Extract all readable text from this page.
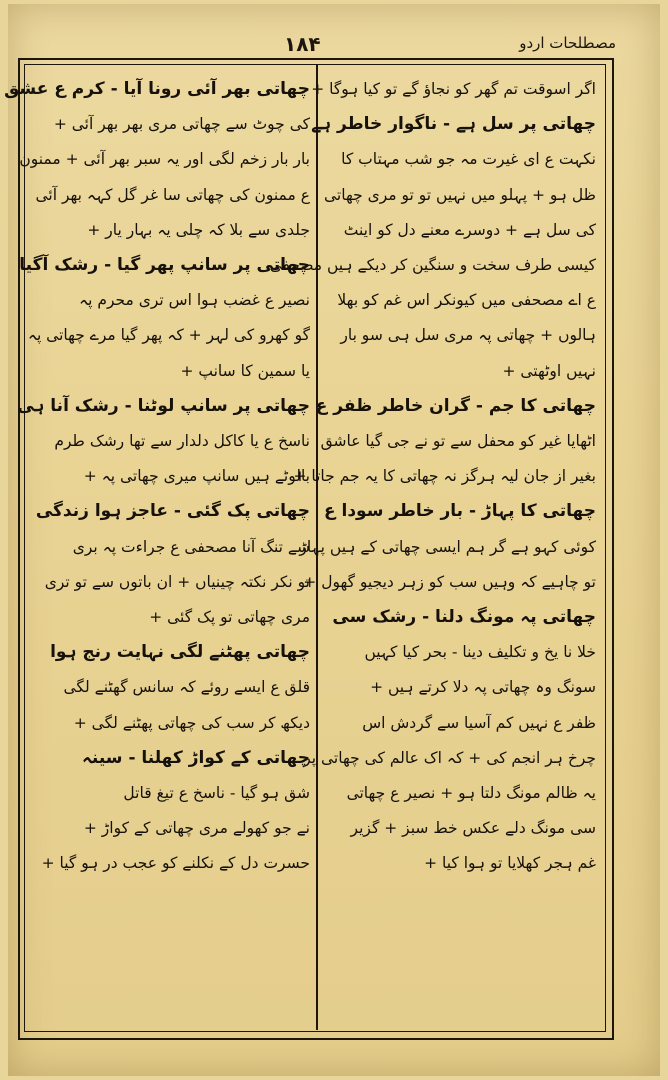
مصطلحات اردو
۱۸۴
اگر اسوقت تم گھر کو نجاؤ گے تو کیا ہوگا +
چھاتی پر سل ہے - ناگوار خاطر ہے
نکہت ع ای غیرت مہ جو شب مہتاب کا
ظل ہو + پہلو میں نہیں تو تو مری چھاتی
کی سل ہے + دوسرے معنے دل کو اینٹ
کیسی طرف سخت و سنگین کر دیکے ہیں مصحفی
ع اے مصحفی میں کیونکر اس غم کو بھلا
ہالوں + چھاتی پہ مری سل ہی سو بار
نہیں اوٹھتی +
چھاتی کا جم - گران خاطر ظفر ع
اٹھایا غیر کو محفل سے تو نے جی گیا عاشق
بغیر از جان لیہ ہرگز نہ چھاتی کا یہ جم جاتا +
چھاتی کا پہاڑ - بار خاطر سودا ع
کوئی کہو ہے گر ہم ایسی چھاتی کے ہیں پہاڑ
تو چاہیے کہ وہیں سب کو زہر دیجیو گھول +
چھاتی پہ مونگ دلنا - رشک سی
خلا نا یخ و تکلیف دینا - بحر کیا کہیں
سونگ وہ چھاتی پہ دلا کرتے ہیں +
ظفر ع نہیں کم آسیا سے گردش اس
چرخ ہر انجم کی + کہ اک عالم کی چھاتی پر
یہ ظالم مونگ دلتا ہو + نصیر ع چھاتی
سی مونگ دلے عکس خط سبز + گزیر
غم ہجر کھلایا تو ہوا کیا +
چھاتی بھر آئی رونا آیا - کرم ع عشق
کی چوٹ سے چھاتی مری بھر بھر آئی +
بار بار زخم لگی اور یہ سبر بھر آئی + ممنون
ع ممنون کی چھاتی سا غر گل کہہ بھر آئی
جلدی سے بلا کہ چلی یہ بہار یار +
چھاتی پر سانپ پھر گیا - رشک آگیا
نصیر ع غضب ہوا اس تری محرم پہ
گو کھرو کی لہر + کہ پھر گیا مرے چھاتی پہ
یا سمین کا سانپ +
چھاتی پر سانپ لوٹنا - رشک آنا ہی
ناسخ ع یا کاکل دلدار سے تھا رشک طرم
بالوٹے ہیں سانپ میری چھاتی پہ +
چھاتی پک گئی - عاجز ہوا زندگی
سے تنگ آنا مصحفی ع جراءت پہ بری
تو نکر نکتہ چینیاں + ان باتوں سے تو تری
مری چھاتی تو پک گئی +
چھاتی پھٹنے لگی نہایت رنج ہوا
قلق ع ایسے روئے کہ سانس گھٹنے لگی
دیکھ کر سب کی چھاتی پھٹنے لگی +
چھاتی کے کواڑ کھلنا - سینہ
شق ہو گیا - ناسخ ع تیغ قاتل
نے جو کھولے مری چھاتی کے کواڑ +
حسرت دل کے نکلنے کو عجب در ہو گیا +
